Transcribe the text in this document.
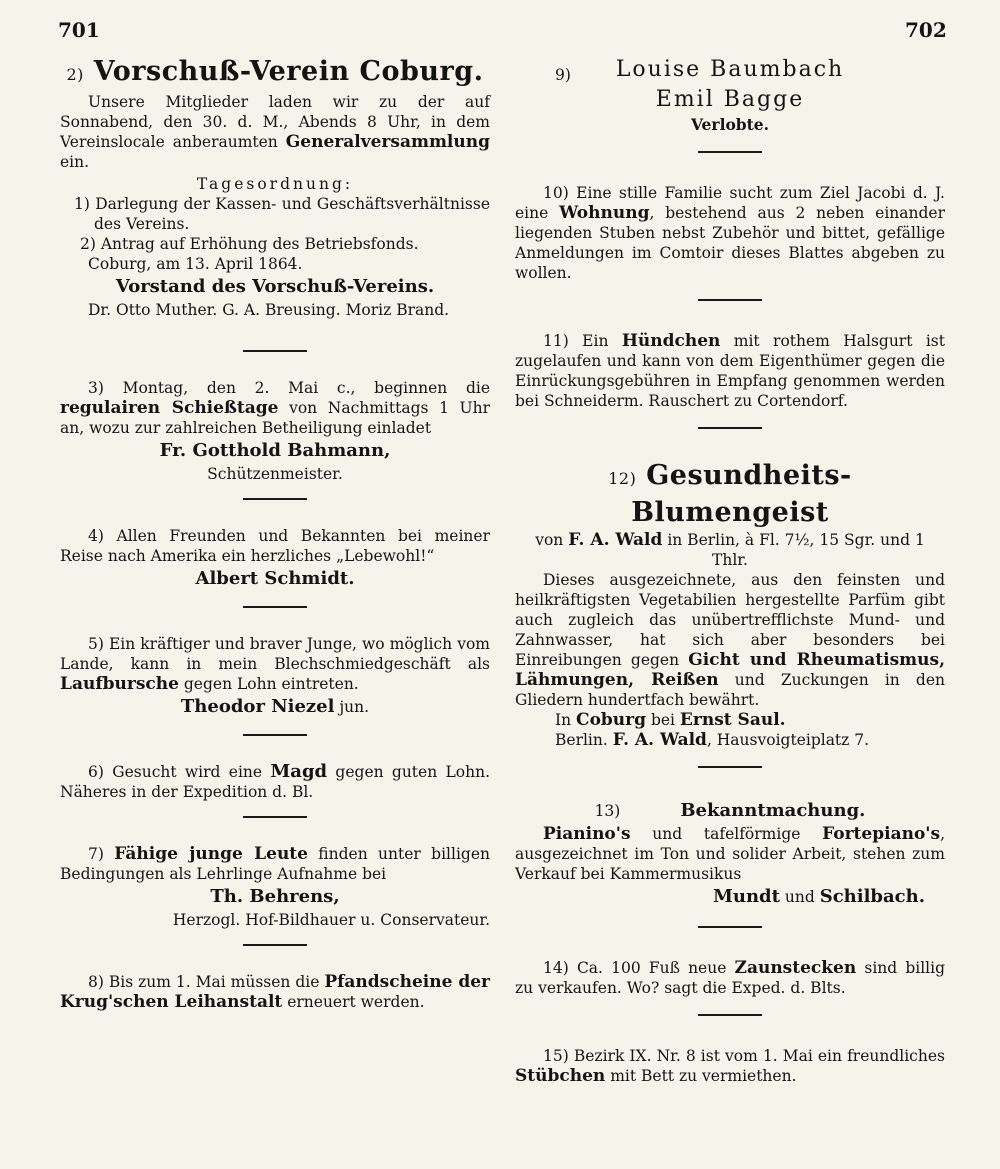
701	702
2) Vorschuß-Verein Coburg.
Unsere Mitglieder laden wir zu der auf Sonnabend, den 30. d. M., Abends 8 Uhr, in dem Vereinslocale anberaumten Generalversammlung ein.
Tagesordnung:
1) Darlegung der Kassen- und Geschäftsverhältnisse des Vereins.
2) Antrag auf Erhöhung des Betriebsfonds.
Coburg, am 13. April 1864.
Vorstand des Vorschuß-Vereins.
Dr. Otto Muther. G. A. Breusing. Moriz Brand.
3) Montag, den 2. Mai c., beginnen die regulairen Schießtage von Nachmittags 1 Uhr an, wozu zur zahlreichen Betheiligung einladet
Fr. Gotthold Bahmann,
Schützenmeister.
4) Allen Freunden und Bekannten bei meiner Reise nach Amerika ein herzliches „Lebewohl!“
Albert Schmidt.
5) Ein kräftiger und braver Junge, wo möglich vom Lande, kann in mein Blechschmiedgeschäft als Laufbursche gegen Lohn eintreten.
Theodor Niezel jun.
6) Gesucht wird eine Magd gegen guten Lohn. Näheres in der Expedition d. Bl.
7) Fähige junge Leute finden unter billigen Bedingungen als Lehrlinge Aufnahme bei
Th. Behrens,
Herzogl. Hof-Bildhauer u. Conservateur.
8) Bis zum 1. Mai müssen die Pfandscheine der Krug'schen Leihanstalt erneuert werden.
9)	Louise Baumbach
Emil Bagge
Verlobte.
10) Eine stille Familie sucht zum Ziel Jacobi d. J. eine Wohnung, bestehend aus 2 neben einander liegenden Stuben nebst Zubehör und bittet, gefällige Anmeldungen im Comtoir dieses Blattes abgeben zu wollen.
11) Ein Hündchen mit rothem Halsgurt ist zugelaufen und kann von dem Eigenthümer gegen die Einrückungsgebühren in Empfang genommen werden bei Schneiderm. Rauschert zu Cortendorf.
12) Gesundheits-Blumengeist
von F. A. Wald in Berlin, à Fl. 7½, 15 Sgr. und 1 Thlr.
Dieses ausgezeichnete, aus den feinsten und heilkräftigsten Vegetabilien hergestellte Parfüm gibt auch zugleich das unübertrefflichste Mund- und Zahnwasser, hat sich aber besonders bei Einreibungen gegen Gicht und Rheumatismus, Lähmungen, Reißen und Zuckungen in den Gliedern hundertfach bewährt.
In Coburg bei Ernst Saul.
Berlin. F. A. Wald, Hausvoigteiplatz 7.
13)	Bekanntmachung.
Pianino's und tafelförmige Fortepiano's, ausgezeichnet im Ton und solider Arbeit, stehen zum Verkauf bei Kammermusikus
Mundt und Schilbach.
14) Ca. 100 Fuß neue Zaunstecken sind billig zu verkaufen. Wo? sagt die Exped. d. Blts.
15) Bezirk IX. Nr. 8 ist vom 1. Mai ein freundliches Stübchen mit Bett zu vermiethen.
